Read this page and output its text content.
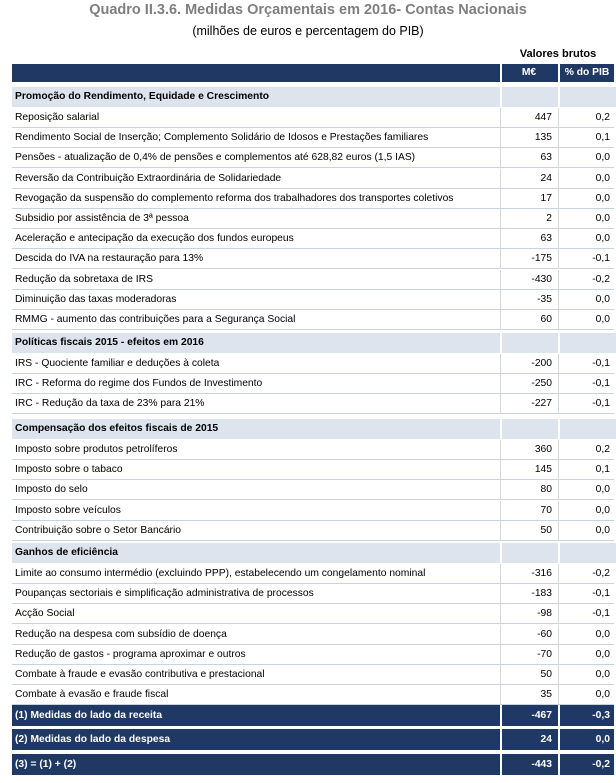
Quadro II.3.6. Medidas Orçamentais em 2016- Contas Nacionais
(milhões de euros e percentagem do PIB)
Valores brutos
M€	% do PIB
Promoção do Rendimento, Equidade e Crescimento
Reposição salarial	447	0,2
Rendimento Social de Inserção; Complemento Solidário de Idosos e Prestações familiares	135	0,1
Pensões - atualização de 0,4% de pensões e complementos até 628,82 euros (1,5 IAS)	63	0,0
Reversão da Contribuição Extraordinária de Solidariedade	24	0,0
Revogação da suspensão do complemento reforma dos trabalhadores dos transportes coletivos	17	0,0
Subsidio por assistência de 3ª pessoa	2	0,0
Aceleração e antecipação da execução dos fundos europeus	63	0,0
Descida do IVA na restauração para 13%	-175	-0,1
Redução da sobretaxa de IRS	-430	-0,2
Diminuição das taxas moderadoras	-35	0,0
RMMG - aumento das contribuições para a Segurança Social	60	0,0
Políticas fiscais 2015 - efeitos em 2016
IRS - Quociente familiar e deduções à coleta	-200	-0,1
IRC - Reforma do regime dos Fundos de Investimento	-250	-0,1
IRC - Redução da taxa de 23% para 21%	-227	-0,1
Compensação dos efeitos fiscais de 2015
Imposto sobre produtos petrolíferos	360	0,2
Imposto sobre o tabaco	145	0,1
Imposto do selo	80	0,0
Imposto sobre veículos	70	0,0
Contribuição sobre o Setor Bancário	50	0,0
Ganhos de eficiência
Limite ao consumo intermédio (excluindo PPP), estabelecendo um congelamento nominal	-316	-0,2
Poupanças sectoriais e simplificação administrativa de processos	-183	-0,1
Acção Social	-98	-0,1
Redução na despesa com subsídio de doença	-60	0,0
Redução de gastos - programa aproximar e outros	-70	0,0
Combate à fraude e evasão contributiva e prestacional	50	0,0
Combate à evasão e fraude fiscal	35	0,0
(1) Medidas do lado da receita	-467	-0,3
(2) Medidas do lado da despesa	24	0,0
(3) = (1) + (2)	-443	-0,2
